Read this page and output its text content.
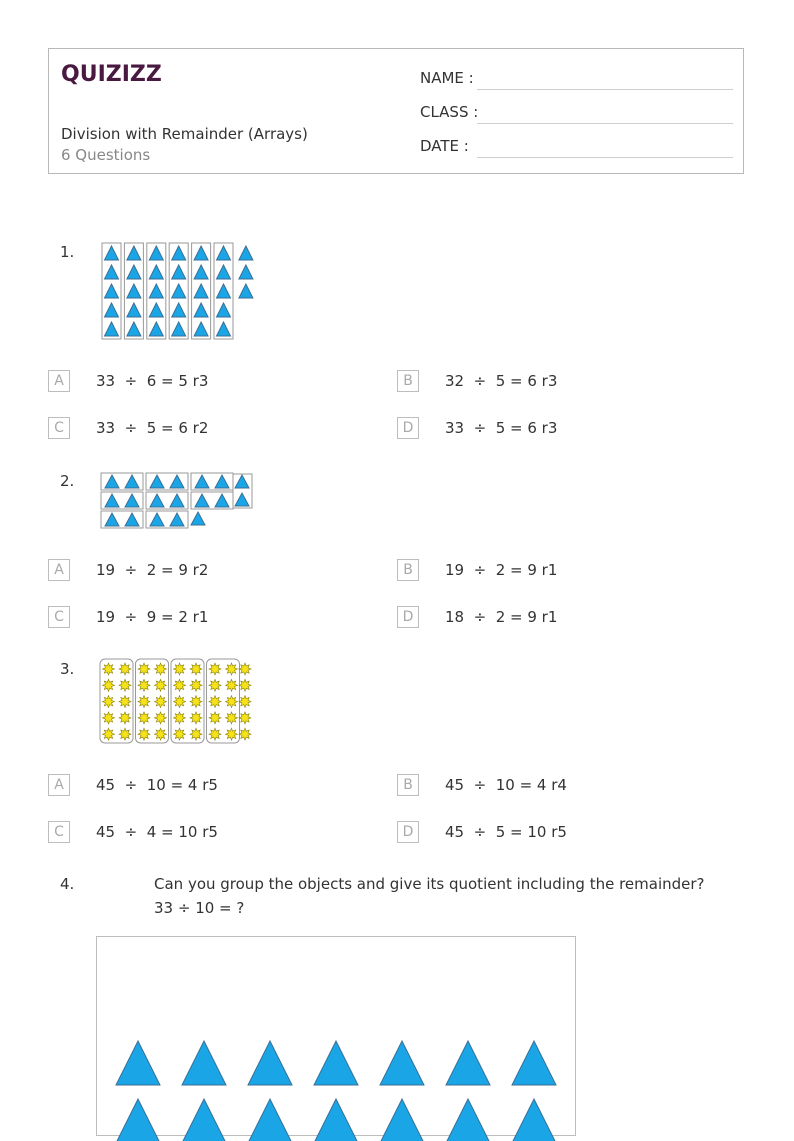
QUIZIZZ
Division with Remainder (Arrays)
6 Questions
NAME :
CLASS :
DATE :
1.
A	33  ÷  6 = 5 r3	B	32  ÷  5 = 6 r3
C	33  ÷  5 = 6 r2	D	33  ÷  5 = 6 r3
2.
A	19  ÷  2 = 9 r2	B	19  ÷  2 = 9 r1
C	19  ÷  9 = 2 r1	D	18  ÷  2 = 9 r1
3.
A	45  ÷  10 = 4 r5	B	45  ÷  10 = 4 r4
C	45  ÷  4 = 10 r5	D	45  ÷  5 = 10 r5
4.	Can you group the objects and give its quotient including the remainder?
33 ÷ 10 = ?
